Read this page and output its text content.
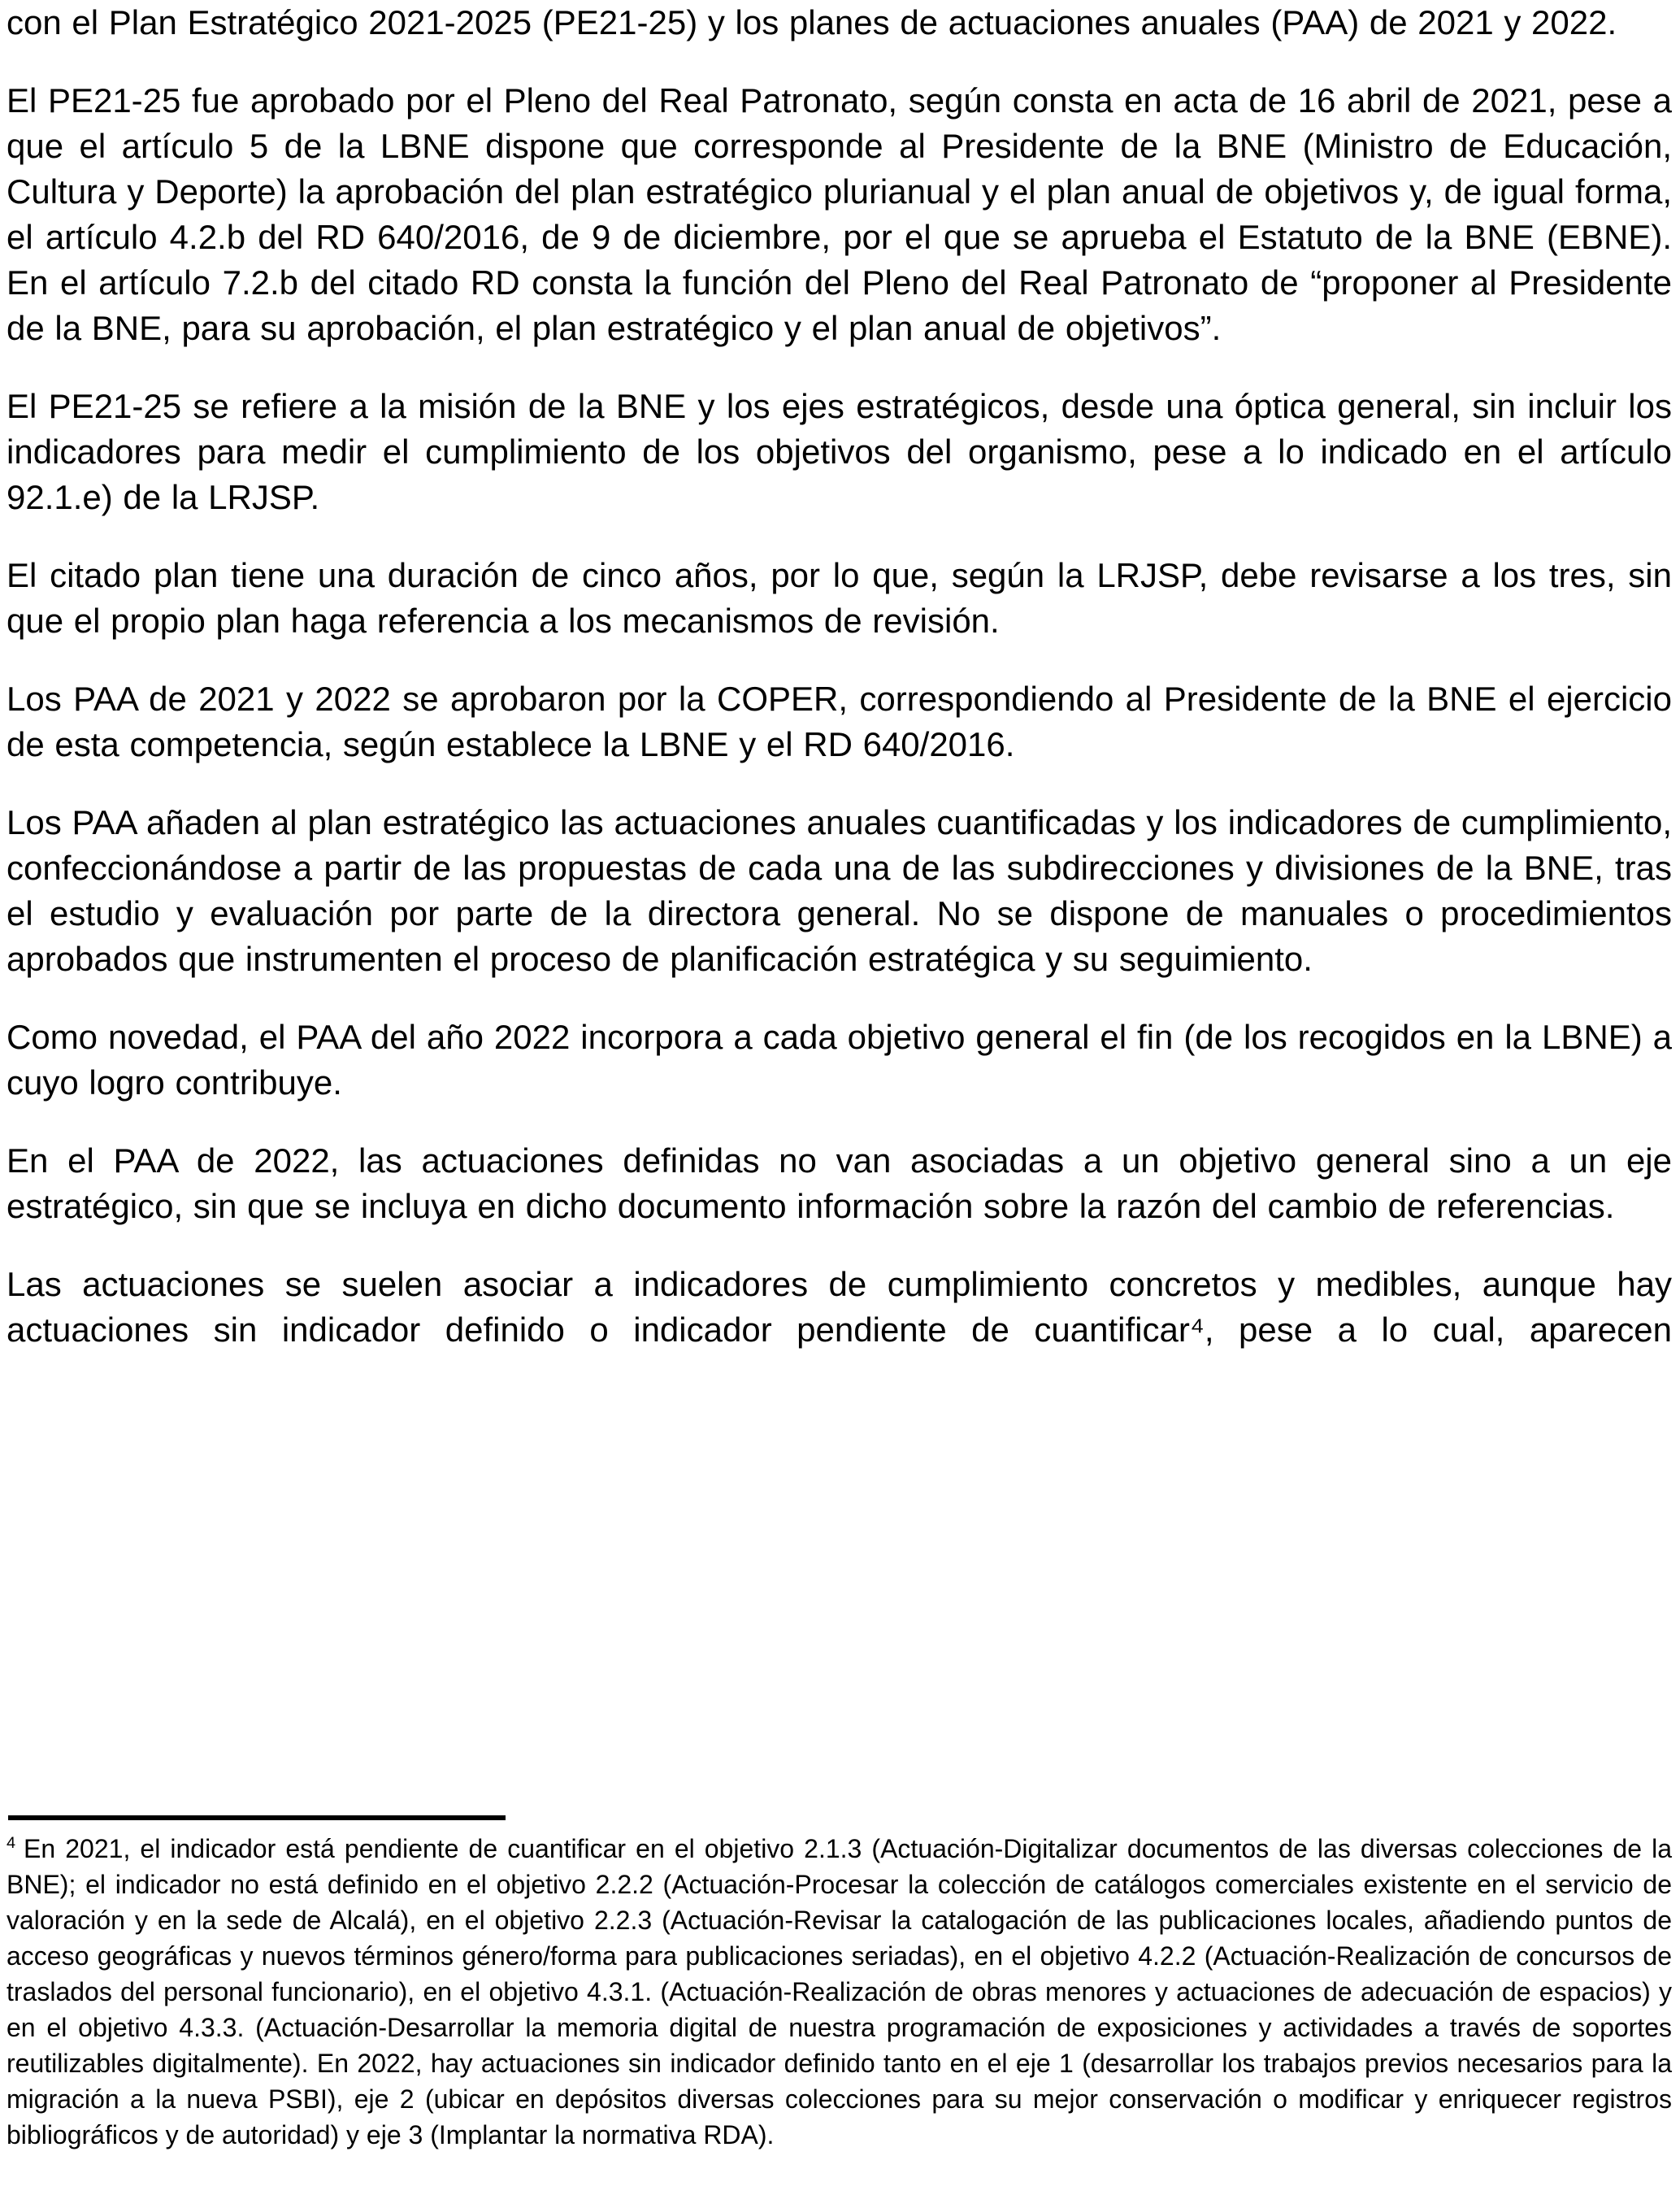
con el Plan Estratégico 2021-2025 (PE21-25) y los planes de actuaciones anuales (PAA) de 2021 y 2022.

El PE21-25 fue aprobado por el Pleno del Real Patronato, según consta en acta de 16 abril de 2021, pese a que el artículo 5 de la LBNE dispone que corresponde al Presidente de la BNE (Ministro de Educación, Cultura y Deporte) la aprobación del plan estratégico plurianual y el plan anual de objetivos y, de igual forma, el artículo 4.2.b del RD 640/2016, de 9 de diciembre, por el que se aprueba el Estatuto de la BNE (EBNE). En el artículo 7.2.b del citado RD consta la función del Pleno del Real Patronato de “proponer al Presidente de la BNE, para su aprobación, el plan estratégico y el plan anual de objetivos”.

El PE21-25 se refiere a la misión de la BNE y los ejes estratégicos, desde una óptica general, sin incluir los indicadores para medir el cumplimiento de los objetivos del organismo, pese a lo indicado en el artículo 92.1.e) de la LRJSP.

El citado plan tiene una duración de cinco años, por lo que, según la LRJSP, debe revisarse a los tres, sin que el propio plan haga referencia a los mecanismos de revisión.

Los PAA de 2021 y 2022 se aprobaron por la COPER, correspondiendo al Presidente de la BNE el ejercicio de esta competencia, según establece la LBNE y el RD 640/2016.

Los PAA añaden al plan estratégico las actuaciones anuales cuantificadas y los indicadores de cumplimiento, confeccionándose a partir de las propuestas de cada una de las subdirecciones y divisiones de la BNE, tras el estudio y evaluación por parte de la directora general. No se dispone de manuales o procedimientos aprobados que instrumenten el proceso de planificación estratégica y su seguimiento.

Como novedad, el PAA del año 2022 incorpora a cada objetivo general el fin (de los recogidos en la LBNE) a cuyo logro contribuye.

En el PAA de 2022, las actuaciones definidas no van asociadas a un objetivo general sino a un eje estratégico, sin que se incluya en dicho documento información sobre la razón del cambio de referencias.

Las actuaciones se suelen asociar a indicadores de cumplimiento concretos y medibles, aunque hay actuaciones sin indicador definido o indicador pendiente de cuantificar⁴, pese a lo cual, aparecen

$^4$ En 2021, el indicador está pendiente de cuantificar en el objetivo 2.1.3 (Actuación-Digitalizar documentos de las diversas colecciones de la BNE); el indicador no está definido en el objetivo 2.2.2 (Actuación-Procesar la colección de catálogos comerciales existente en el servicio de valoración y en la sede de Alcalá), en el objetivo 2.2.3 (Actuación-Revisar la catalogación de las publicaciones locales, añadiendo puntos de acceso geográficas y nuevos términos género/forma para publicaciones seriadas), en el objetivo 4.2.2 (Actuación-Realización de concursos de traslados del personal funcionario), en el objetivo 4.3.1. (Actuación-Realización de obras menores y actuaciones de adecuación de espacios) y en el objetivo 4.3.3. (Actuación-Desarrollar la memoria digital de nuestra programación de exposiciones y actividades a través de soportes reutilizables digitalmente). En 2022, hay actuaciones sin indicador definido tanto en el eje 1 (desarrollar los trabajos previos necesarios para la migración a la nueva PSBI), eje 2 (ubicar en depósitos diversas colecciones para su mejor conservación o modificar y enriquecer registros bibliográficos y de autoridad) y eje 3 (Implantar la normativa RDA).
